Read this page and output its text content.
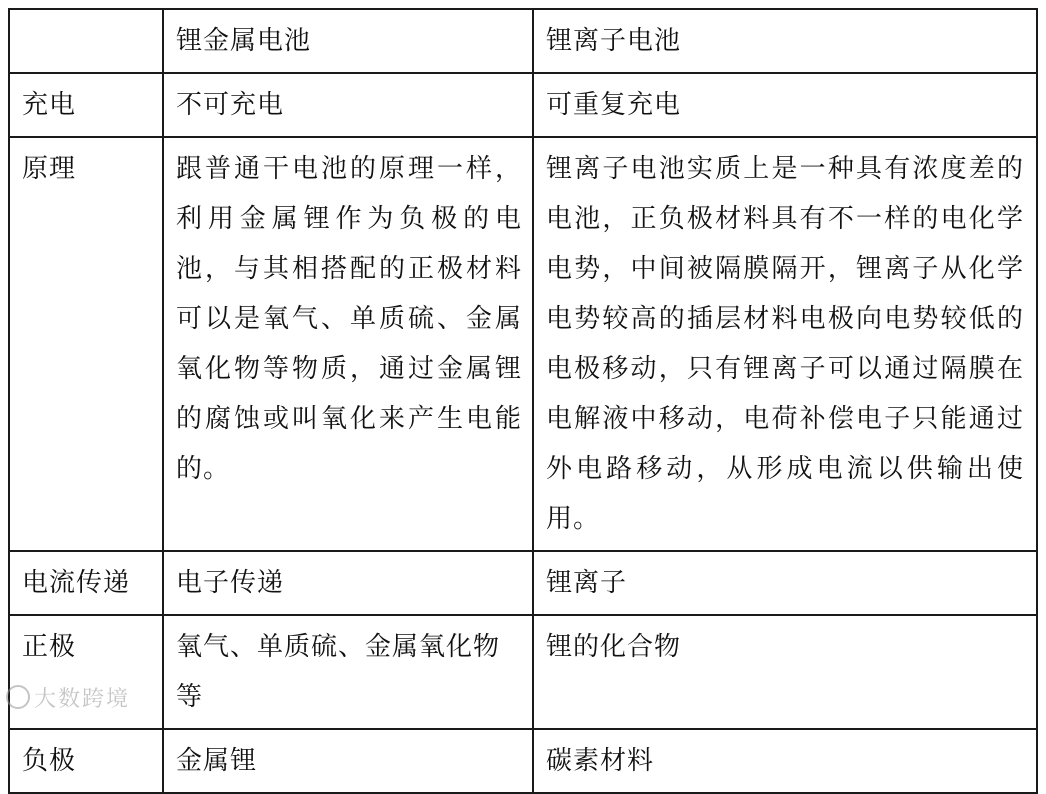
	锂金属电池	锂离子电池
充电	不可充电	可重复充电
原理	跟普通干电池的原理一样，利用金属锂作为负极的电池，与其相搭配的正极材料可以是氧气、单质硫、金属氧化物等物质，通过金属锂的腐蚀或叫氧化来产生电能的。	锂离子电池实质上是一种具有浓度差的电池，正负极材料具有不一样的电化学电势，中间被隔膜隔开，锂离子从化学电势较高的插层材料电极向电势较低的电极移动，只有锂离子可以通过隔膜在电解液中移动，电荷补偿电子只能通过外电路移动，从形成电流以供输出使用。
电流传递	电子传递	锂离子
正极	氧气、单质硫、金属氧化物等	锂的化合物
负极	金属锂	碳素材料
大数跨境
